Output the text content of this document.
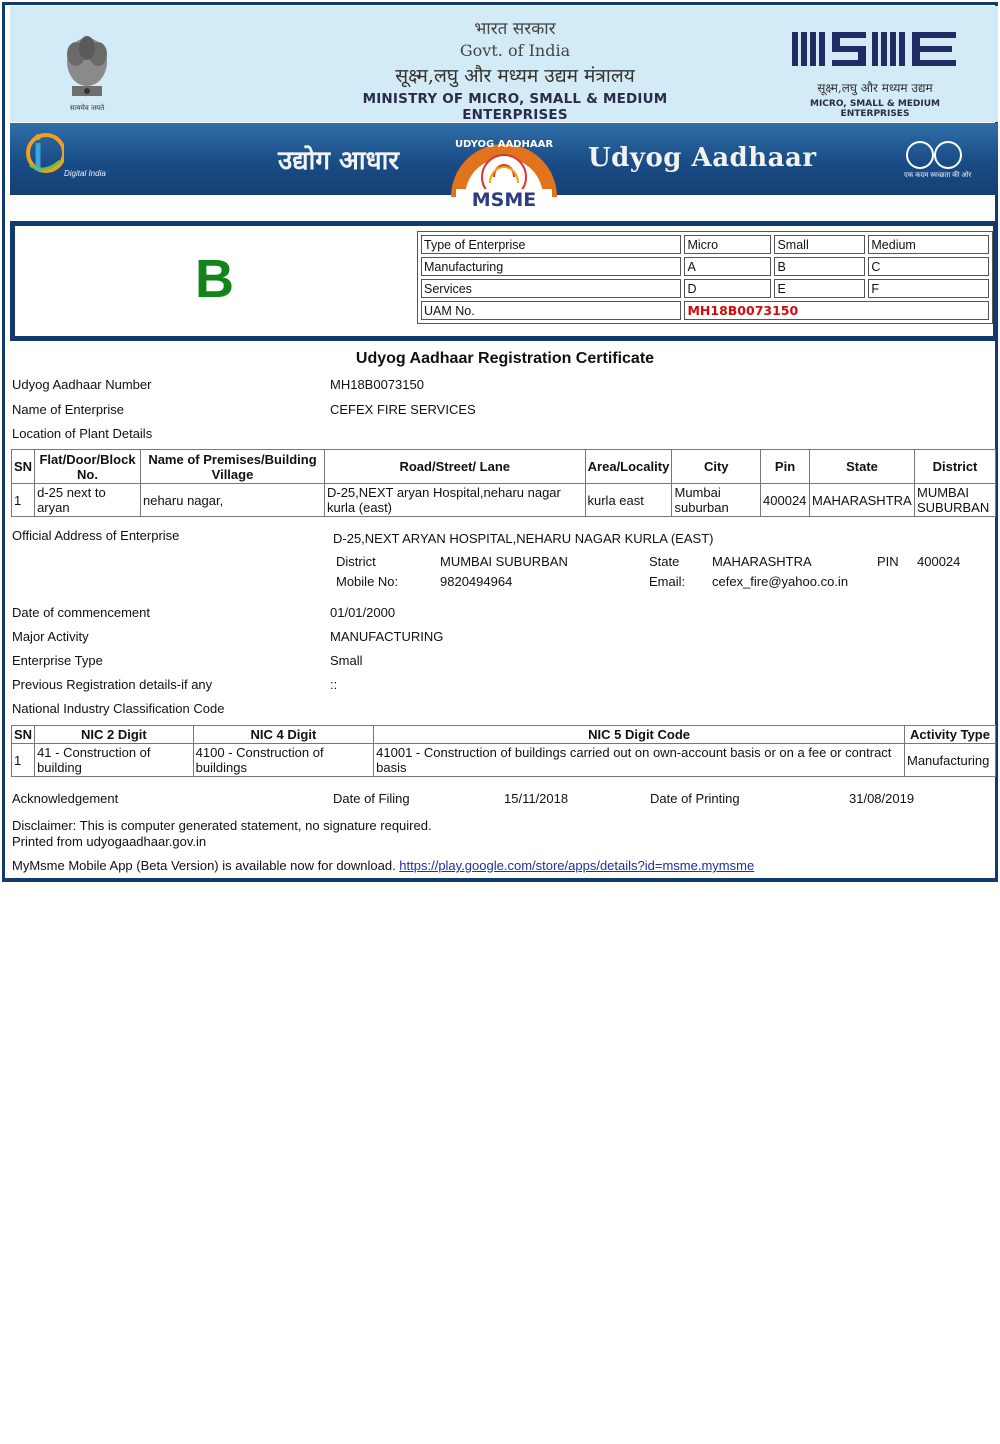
सत्यमेव जयते
भारत सरकार
Govt. of India
सूक्ष्म,लघु और मध्यम उद्यम मंत्रालय
MINISTRY OF MICRO, SMALL & MEDIUM ENTERPRISES
MSME
सूक्ष्म,लघु और मध्यम उद्यम
MICRO, SMALL & MEDIUM ENTERPRISES
Digital India	उद्योग आधार	Udyog Aadhaar
एक कदम स्वच्छता की ओर
UDYOG AADHAAR
MSME
B
Type of Enterprise	Micro	Small	Medium
Manufacturing	A	B	C
Services	D	E	F
UAM No.	MH18B0073150		
Udyog Aadhaar Registration Certificate
Udyog Aadhaar Number	MH18B0073150
Name of Enterprise	CEFEX FIRE SERVICES
Location of Plant Details
SN	Flat/Door/Block No.	Name of Premises/Building Village	Road/Street/ Lane	Area/Locality	City	Pin	State	District
1	d-25 next to aryan	neharu nagar,	D-25,NEXT aryan Hospital,neharu nagar kurla (east)	kurla east	Mumbai suburban	400024	MAHARASHTRA	MUMBAI SUBURBAN
Official Address of Enterprise	D-25,NEXT ARYAN HOSPITAL,NEHARU NAGAR KURLA (EAST)
District	MUMBAI SUBURBAN	State	MAHARASHTRA	PIN 400024
Mobile No:	9820494964	Email: cefex_fire@yahoo.co.in
Date of commencement	01/01/2000
Major Activity	MANUFACTURING
Enterprise Type	Small
Previous Registration details-if any	::
National Industry Classification Code
SN	NIC 2 Digit	NIC 4 Digit	NIC 5 Digit Code	Activity Type
1	41 - Construction of building	4100 - Construction of buildings	41001 - Construction of buildings carried out on own-account basis or on a fee or contract basis	Manufacturing
Acknowledgement	Date of Filing	15/11/2018	Date of Printing	31/08/2019
Disclaimer: This is computer generated statement, no signature required.
Printed from udyogaadhaar.gov.in
MyMsme Mobile App (Beta Version) is available now for download. https://play.google.com/store/apps/details?id=msme.mymsme
